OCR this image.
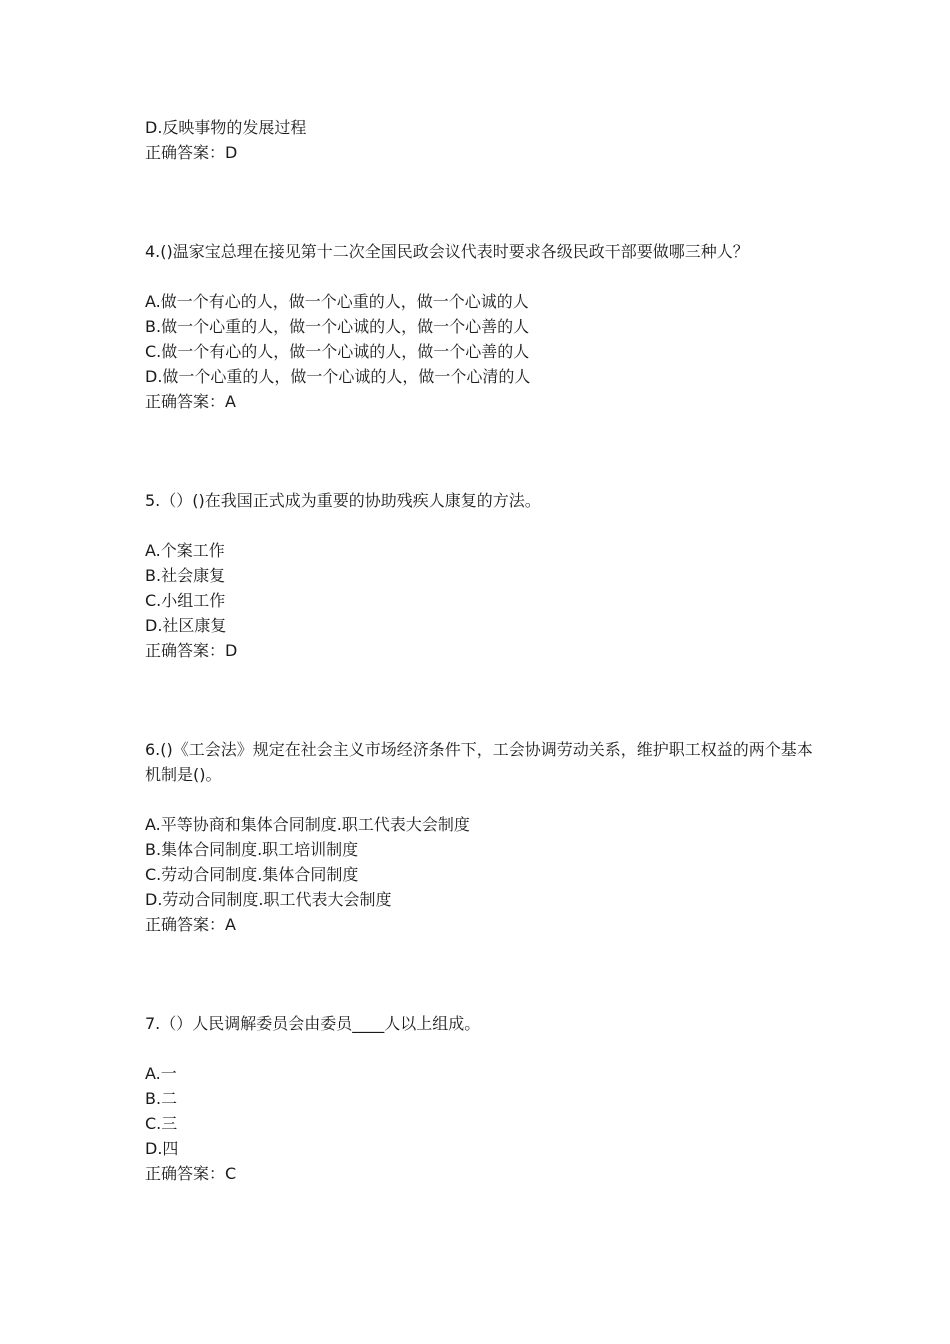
D.反映事物的发展过程

正确答案：D

4.()温家宝总理在接见第十二次全国民政会议代表时要求各级民政干部要做哪三种人？

A.做一个有心的人，做一个心重的人，做一个心诚的人

B.做一个心重的人，做一个心诚的人，做一个心善的人

C.做一个有心的人，做一个心诚的人，做一个心善的人

D.做一个心重的人，做一个心诚的人，做一个心清的人

正确答案：A

5.（）()在我国正式成为重要的协助残疾人康复的方法。

A.个案工作

B.社会康复

C.小组工作

D.社区康复

正确答案：D

6.()《工会法》规定在社会主义市场经济条件下，工会协调劳动关系，维护职工权益的两个基本机制是()。

A.平等协商和集体合同制度.职工代表大会制度

B.集体合同制度.职工培训制度

C.劳动合同制度.集体合同制度

D.劳动合同制度.职工代表大会制度

正确答案：A

7.（）人民调解委员会由委员____人以上组成。

A.一

B.二

C.三

D.四

正确答案：C
